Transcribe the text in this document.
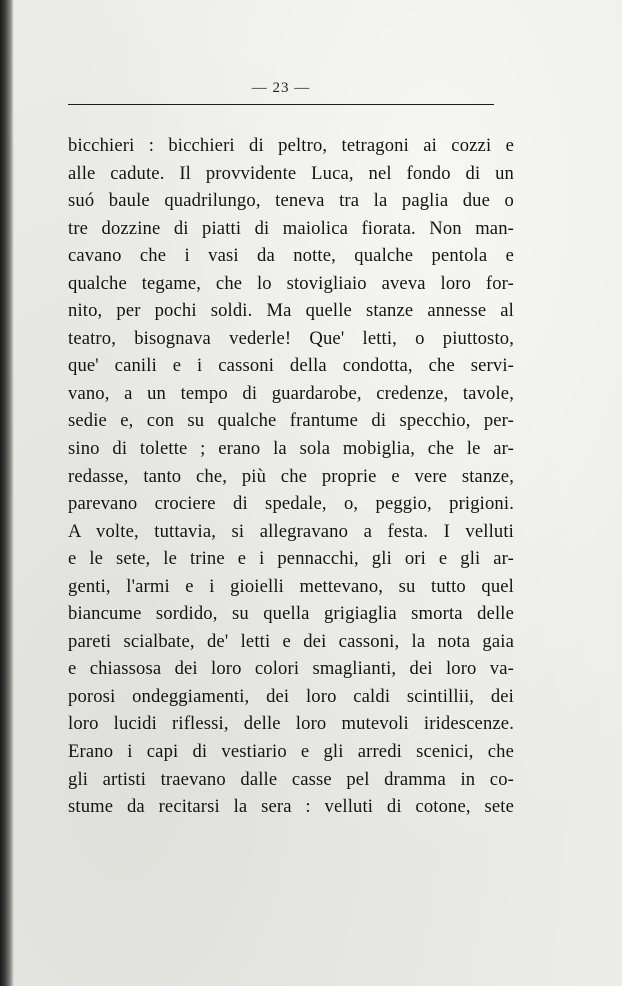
— 23 —
bicchieri : bicchieri di peltro, tetragoni ai cozzi e
alle cadute. Il provvidente Luca, nel fondo di un
suó baule quadrilungo, teneva tra la paglia due o
tre dozzine di piatti di maiolica fiorata. Non man-
cavano che i vasi da notte, qualche pentola e
qualche tegame, che lo stovigliaio aveva loro for-
nito, per pochi soldi. Ma quelle stanze annesse al
teatro, bisognava vederle! Que' letti, o piuttosto,
que' canili e i cassoni della condotta, che servi-
vano, a un tempo di guardarobe, credenze, tavole,
sedie e, con su qualche frantume di specchio, per-
sino di tolette ; erano la sola mobiglia, che le ar-
redasse, tanto che, più che proprie e vere stanze,
parevano crociere di spedale, o, peggio, prigioni.
A volte, tuttavia, si allegravano a festa. I velluti
e le sete, le trine e i pennacchi, gli ori e gli ar-
genti, l'armi e i gioielli mettevano, su tutto quel
biancume sordido, su quella grigiaglia smorta delle
pareti scialbate, de' letti e dei cassoni, la nota gaia
e chiassosa dei loro colori smaglianti, dei loro va-
porosi ondeggiamenti, dei loro caldi scintillii, dei
loro lucidi riflessi, delle loro mutevoli iridescenze.
Erano i capi di vestiario e gli arredi scenici, che
gli artisti traevano dalle casse pel dramma in co-
stume da recitarsi la sera : velluti di cotone, sete
